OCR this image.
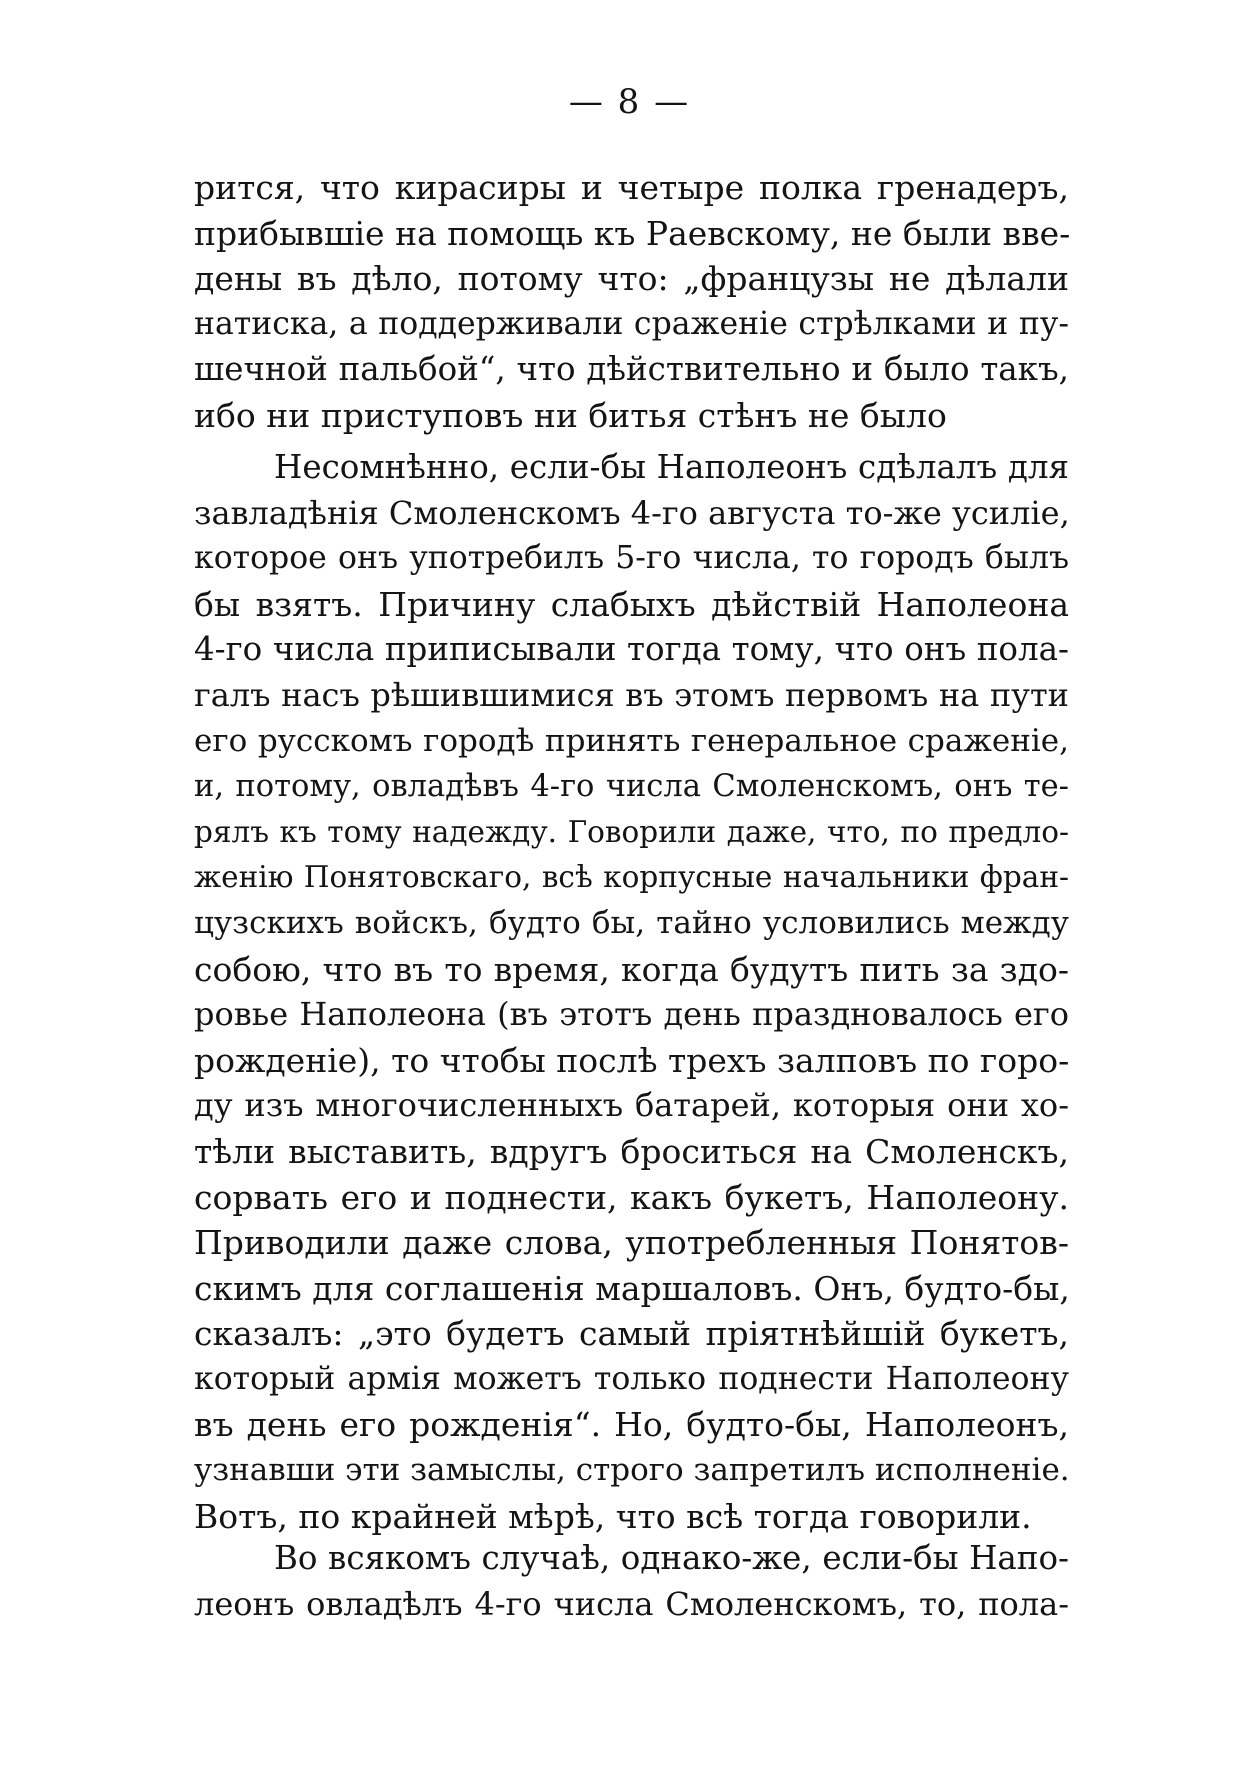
— 8 —
рится, что кирасиры и четыре полка гренадеръ,
прибывшіе на помощь къ Раевскому, не были вве-
дены въ дѣло, потому что: „французы не дѣлали
натиска, а поддерживали сраженіе стрѣлками и пу-
шечной пальбой“, что дѣйствительно и было такъ,
ибо ни приступовъ ни битья стѣнъ не было
Несомнѣнно, если-бы Наполеонъ сдѣлалъ для
завладѣнія Смоленскомъ 4-го августа то-же усиліе,
которое онъ употребилъ 5-го числа, то городъ былъ
бы взятъ. Причину слабыхъ дѣйствій Наполеона
4-го числа приписывали тогда тому, что онъ пола-
галъ насъ рѣшившимися въ этомъ первомъ на пути
его русскомъ городѣ принять генеральное сраженіе,
и, потому, овладѣвъ 4-го числа Смоленскомъ, онъ те-
рялъ къ тому надежду. Говорили даже, что, по предло-
женію Понятовскаго, всѣ корпусные начальники фран-
цузскихъ войскъ, будто бы, тайно условились между
собою, что въ то время, когда будутъ пить за здо-
ровье Наполеона (въ этотъ день праздновалось его
рожденіе), то чтобы послѣ трехъ залповъ по горо-
ду изъ многочисленныхъ батарей, которыя они хо-
тѣли выставить, вдругъ броситься на Смоленскъ,
сорвать его и поднести, какъ букетъ, Наполеону.
Приводили даже слова, употребленныя Понятов-
скимъ для соглашенія маршаловъ. Онъ, будто-бы,
сказалъ: „это будетъ самый пріятнѣйшій букетъ,
который армія можетъ только поднести Наполеону
въ день его рожденія“. Но, будто-бы, Наполеонъ,
узнавши эти замыслы, строго запретилъ исполненіе.
Вотъ, по крайней мѣрѣ, что всѣ тогда говорили.
Во всякомъ случаѣ, однако-же, если-бы Напо-
леонъ овладѣлъ 4-го числа Смоленскомъ, то, пола-
